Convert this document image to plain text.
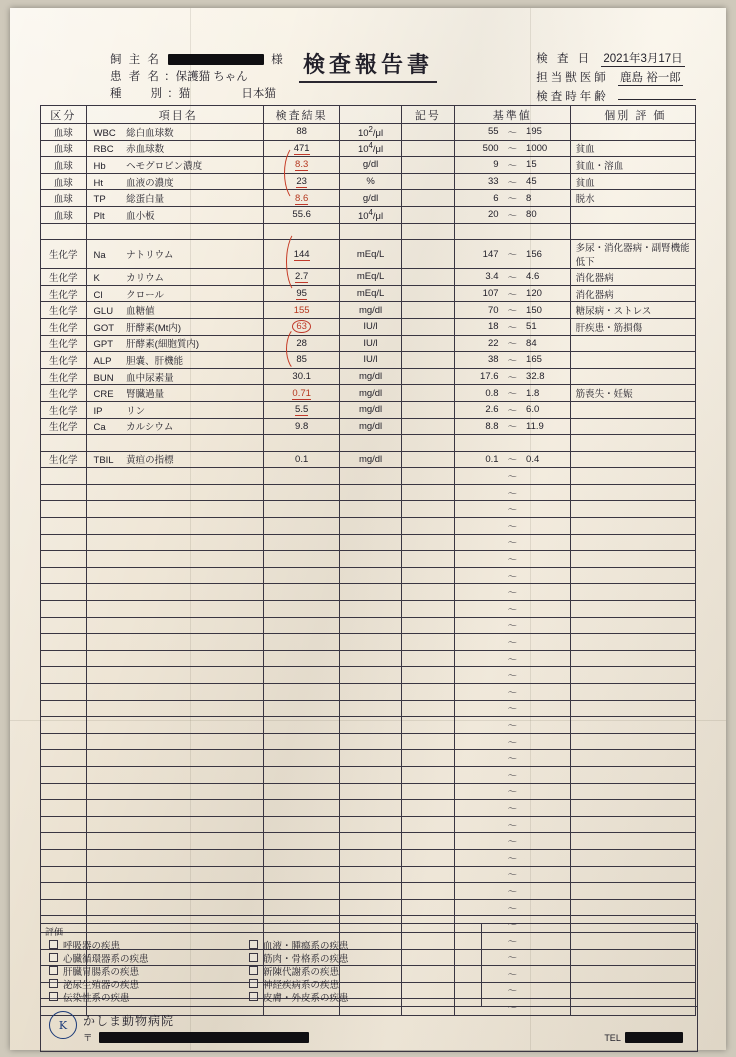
検査報告書
飼 主 名	様
患 者 名 ：保護猫 ちゃん
種　　別 ：猫	日本猫
検 査 日 2021年3月17日
担当獣医師 鹿島 裕一郎
検査時年齢
区分	項目名	検査結果		記号	基準値	個別 評 価
血球	WBC 総白血球数	88	$10^2/\mu l$		55 ～ 195	

血球	RBC 赤血球数	471	$10^4/\mu l$		500 ～ 1000	貧血
血球	Hb ヘモグロビン濃度	8.3	g/dl		9 ～ 15	貧血・溶血
血球	Ht 血液の濃度	23	%		33 ～ 45	貧血
血球	TP 総蛋白量	8.6	g/dl		6 ～ 8	脱水
血球	Plt 血小板	55.6	$10^4/\mu l$		20 ～ 80	

生化学	Na ナトリウム	144	mEq/L		147 ～ 156	多尿・消化器病・副腎機能低下
生化学	K カリウム	2.7	mEq/L		3.4 ～ 4.6	消化器病
生化学	Cl クロール	95	mEq/L		107 ～ 120	消化器病
生化学	GLU 血糖値	155	mg/dl		70 ～ 150	糖尿病・ストレス
生化学	GOT 肝酵素(Mt内)	63	IU/l		18 ～ 51	肝疾患・筋損傷
生化学	GPT 肝酵素(細胞質内)	28	IU/l		22 ～ 84	

生化学	ALP 胆嚢、肝機能	85	IU/l		38 ～ 165	

生化学	BUN 血中尿素量	30.1	mg/dl		17.6 ～ 32.8	

生化学	CRE 腎臓過量	0.71	mg/dl		0.8 ～ 1.8	筋喪失・妊娠
生化学	IP リン	5.5	mg/dl		2.6 ～ 6.0	

生化学	Ca カルシウム	9.8	mg/dl		8.8 ～ 11.9	

生化学	TBIL 黄疸の指標	0.1	mg/dl		0.1 ～ 0.4	

					～	
					～	
					～	
					～	
					～	
					～	
					～	
					～	
					～	
					～	
					～	
					～	
					～	
					～	
					～	
					～	
					～	
					～	
					～	
					～	
					～	
					～	
					～	
					～	
					～	
					～	
					～	
					～	
					～	
					～	
					～	
					～	
					～	
評価
呼吸器の疾患
心臓循環器系の疾患
肝臓胃腸系の疾患
泌尿生殖器の疾患
伝染性系の疾患
血液・腫瘍系の疾患
筋肉・骨格系の疾患
新陳代謝系の疾患
神経疾病系の疾患
皮膚・外皮系の疾患
K	かしま動物病院
〒	TEL
